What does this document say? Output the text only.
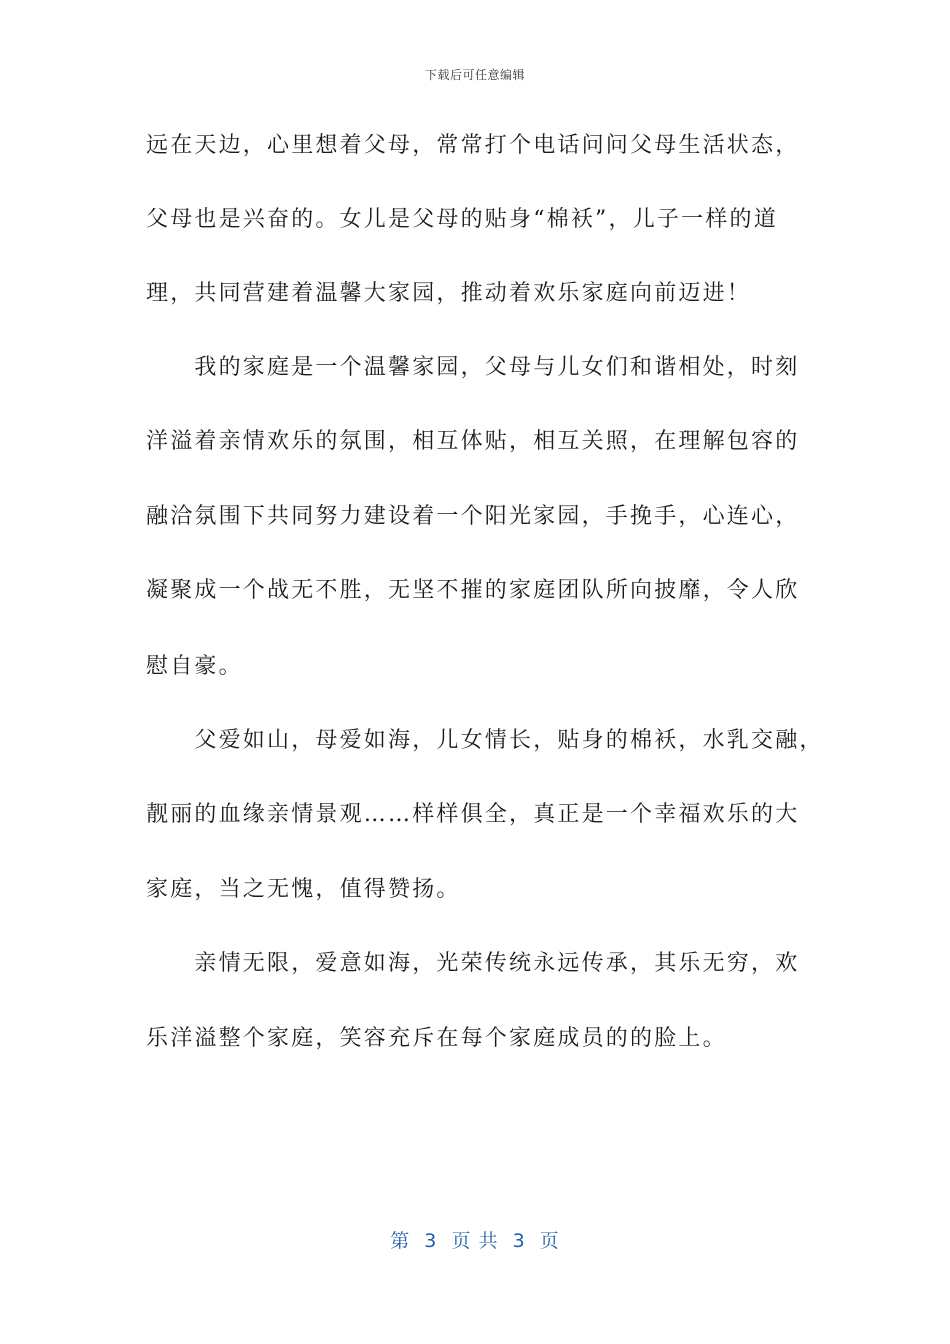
下载后可任意编辑
远在天边，心里想着父母，常常打个电话问问父母生活状态，
父母也是兴奋的。女儿是父母的贴身“棉袄”，儿子一样的道
理，共同营建着温馨大家园，推动着欢乐家庭向前迈进！
　　我的家庭是一个温馨家园，父母与儿女们和谐相处，时刻
洋溢着亲情欢乐的氛围，相互体贴，相互关照，在理解包容的
融洽氛围下共同努力建设着一个阳光家园，手挽手，心连心，
凝聚成一个战无不胜，无坚不摧的家庭团队所向披靡，令人欣
慰自豪。
　　父爱如山，母爱如海，儿女情长，贴身的棉袄，水乳交融，
靓丽的血缘亲情景观……样样俱全，真正是一个幸福欢乐的大
家庭，当之无愧，值得赞扬。
　　亲情无限，爱意如海，光荣传统永远传承，其乐无穷，欢
乐洋溢整个家庭，笑容充斥在每个家庭成员的的脸上。
第  3  页 共  3  页
